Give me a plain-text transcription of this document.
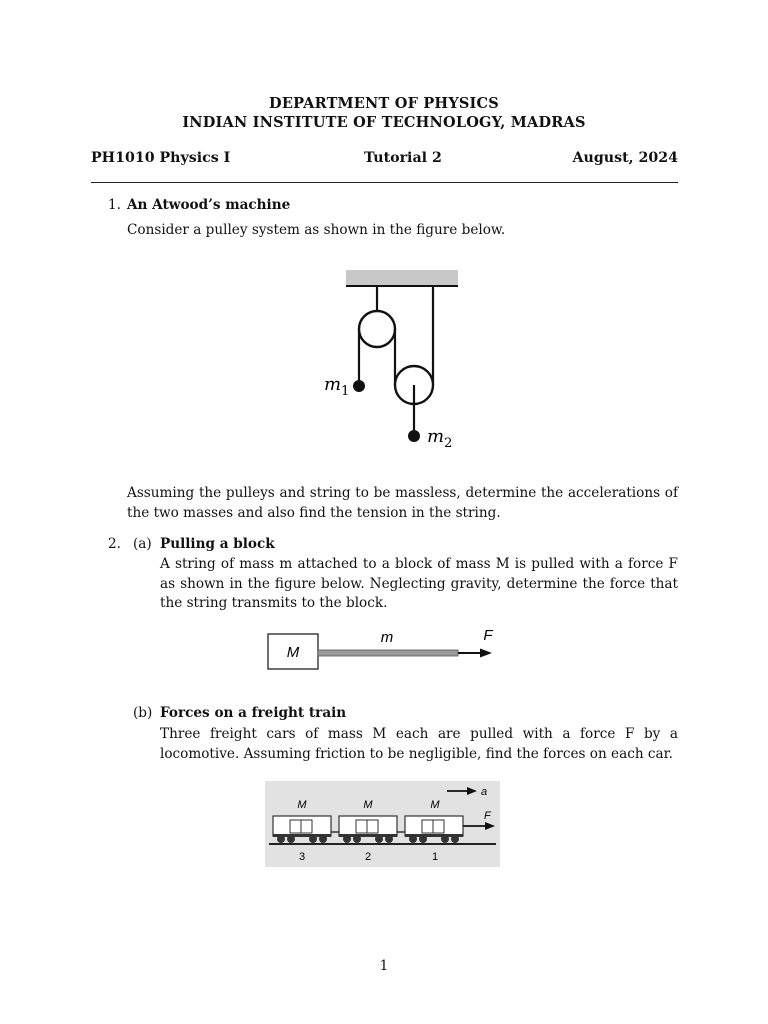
DEPARTMENT OF PHYSICS
INDIAN INSTITUTE OF TECHNOLOGY, MADRAS
PH1010 Physics I	Tutorial 2	August, 2024
1. An Atwood’s machine
Consider a pulley system as shown in the figure below.
$m_1$
$m_2$
Assuming the pulleys and string to be massless, determine the accelerations of the two masses and also find the tension in the string.
2. (a) Pulling a block
A string of mass m attached to a block of mass M is pulled with a force F as shown in the figure below. Neglecting gravity, determine the force that the string transmits to the block.
M
m	F
(b) Forces on a freight train
Three freight cars of mass M each are pulled with a force F by a locomotive. Assuming friction to be negligible, find the forces on each car.
a
M	M	M
F
3	2	1
1
